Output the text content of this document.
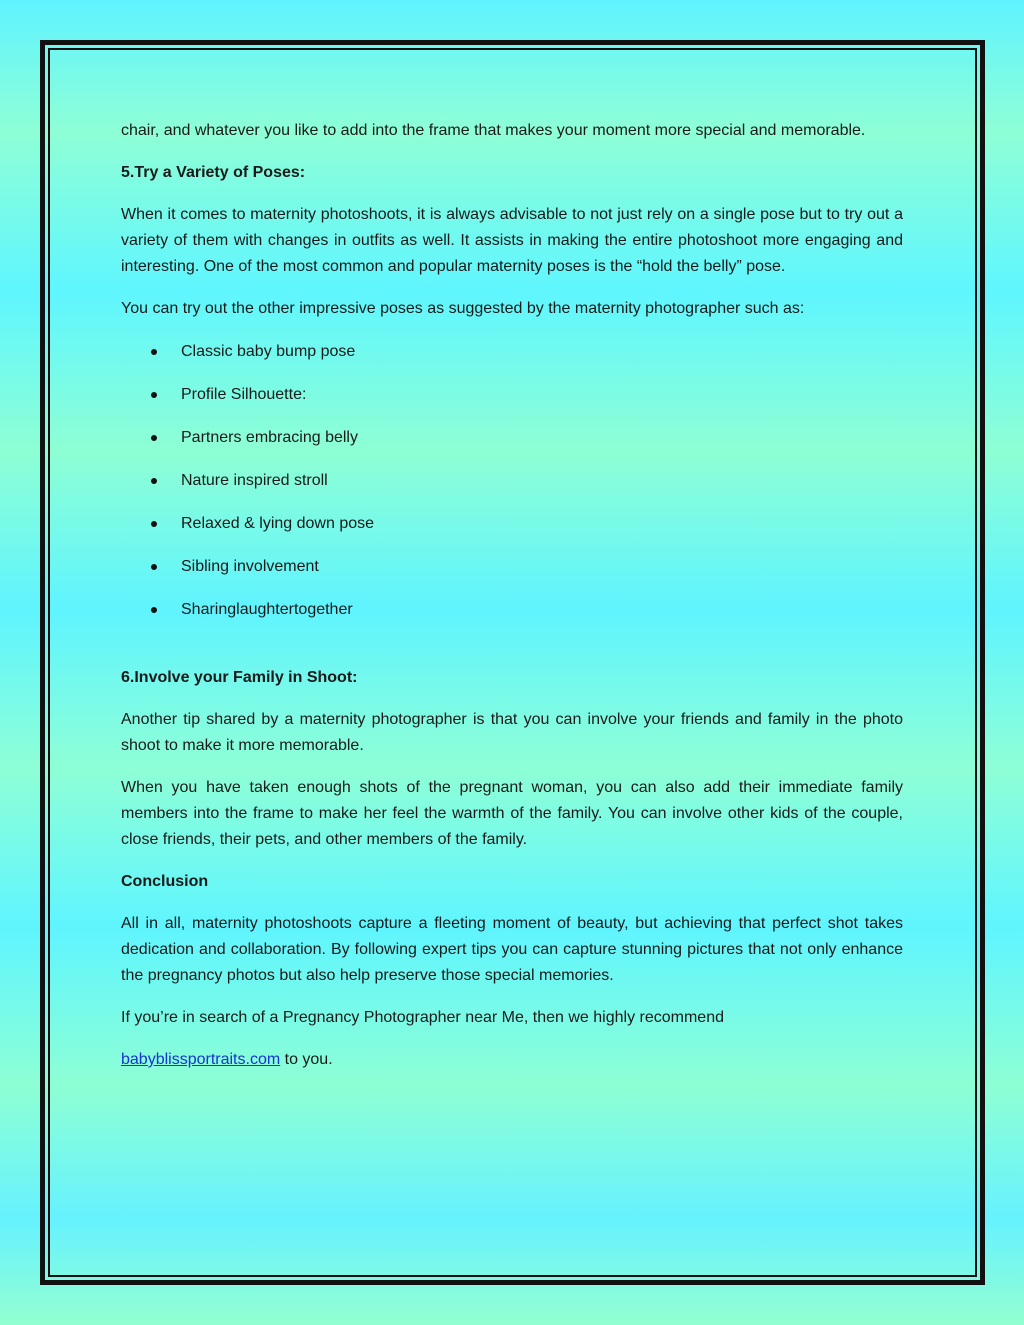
chair, and whatever you like to add into the frame that makes your moment more special and memorable.

5.Try a Variety of Poses:

When it comes to maternity photoshoots, it is always advisable to not just rely on a single pose but to try out a variety of them with changes in outfits as well. It assists in making the entire photoshoot more engaging and interesting. One of the most common and popular maternity poses is the “hold the belly” pose.

You can try out the other impressive poses as suggested by the maternity photographer such as:

Classic baby bump pose
Profile Silhouette:
Partners embracing belly
Nature inspired stroll
Relaxed & lying down pose
Sibling involvement
Sharinglaughtertogether

6.Involve your Family in Shoot:

Another tip shared by a maternity photographer is that you can involve your friends and family in the photo shoot to make it more memorable.

When you have taken enough shots of the pregnant woman, you can also add their immediate family members into the frame to make her feel the warmth of the family. You can involve other kids of the couple, close friends, their pets, and other members of the family.

Conclusion

All in all, maternity photoshoots capture a fleeting moment of beauty, but achieving that perfect shot takes dedication and collaboration. By following expert tips you can capture stunning pictures that not only enhance the pregnancy photos but also help preserve those special memories.

If you’re in search of a Pregnancy Photographer near Me, then we highly recommend

babyblissportraits.com to you.
